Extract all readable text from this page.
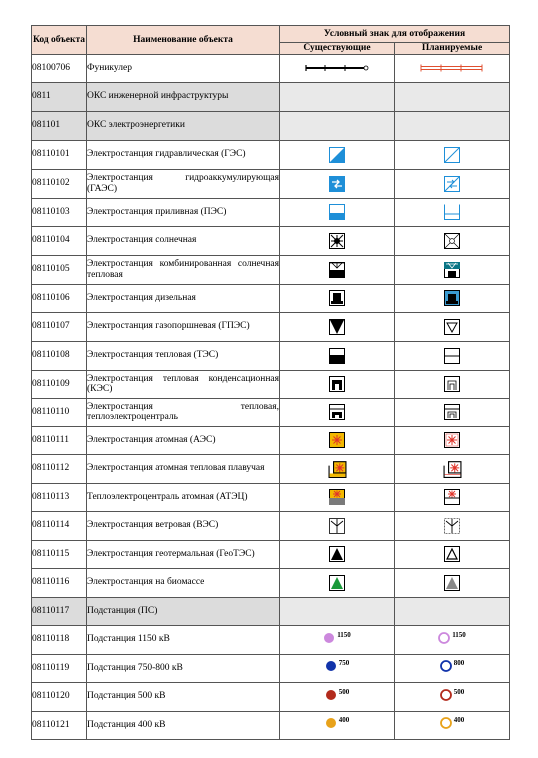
Код объекта	Наименование объекта	Условный знак для отображения	
		Существующие	Планируемые
08100706	Фуникулер	

0811	ОКС инженерной инфраструктуры		
081101	ОКС электроэнергетики		
08110101	Электростанция гидравлическая (ГЭС)	

08110102	Электростанция гидроаккумулирующая (ГАЭС)	

08110103	Электростанция приливная (ПЭС)	

08110104	Электростанция солнечная	

08110105	Электростанция комбинированная солнечная тепловая	

08110106	Электростанция дизельная	

08110107	Электростанция газопоршневая (ГПЭС)	

08110108	Электростанция тепловая (ТЭС)	

08110109	Электростанция тепловая конденсационная (КЭС)	

08110110	Электростанция тепловая, теплоэлектроцентраль	

08110111	Электростанция атомная (АЭС)	

08110112	Электростанция атомная тепловая плавучая	

08110113	Теплоэлектроцентраль атомная (АТЭЦ)	

08110114	Электростанция ветровая (ВЭС)	

08110115	Электростанция геотермальная (ГеоТЭС)	

08110116	Электростанция на биомассе	

08110117	Подстанция (ПС)		
08110118	Подстанция 1150 кВ	1150	1150

08110119	Подстанция 750-800 кВ	750	800

08110120	Подстанция 500 кВ	500	500

08110121	Подстанция 400 кВ	400	400
